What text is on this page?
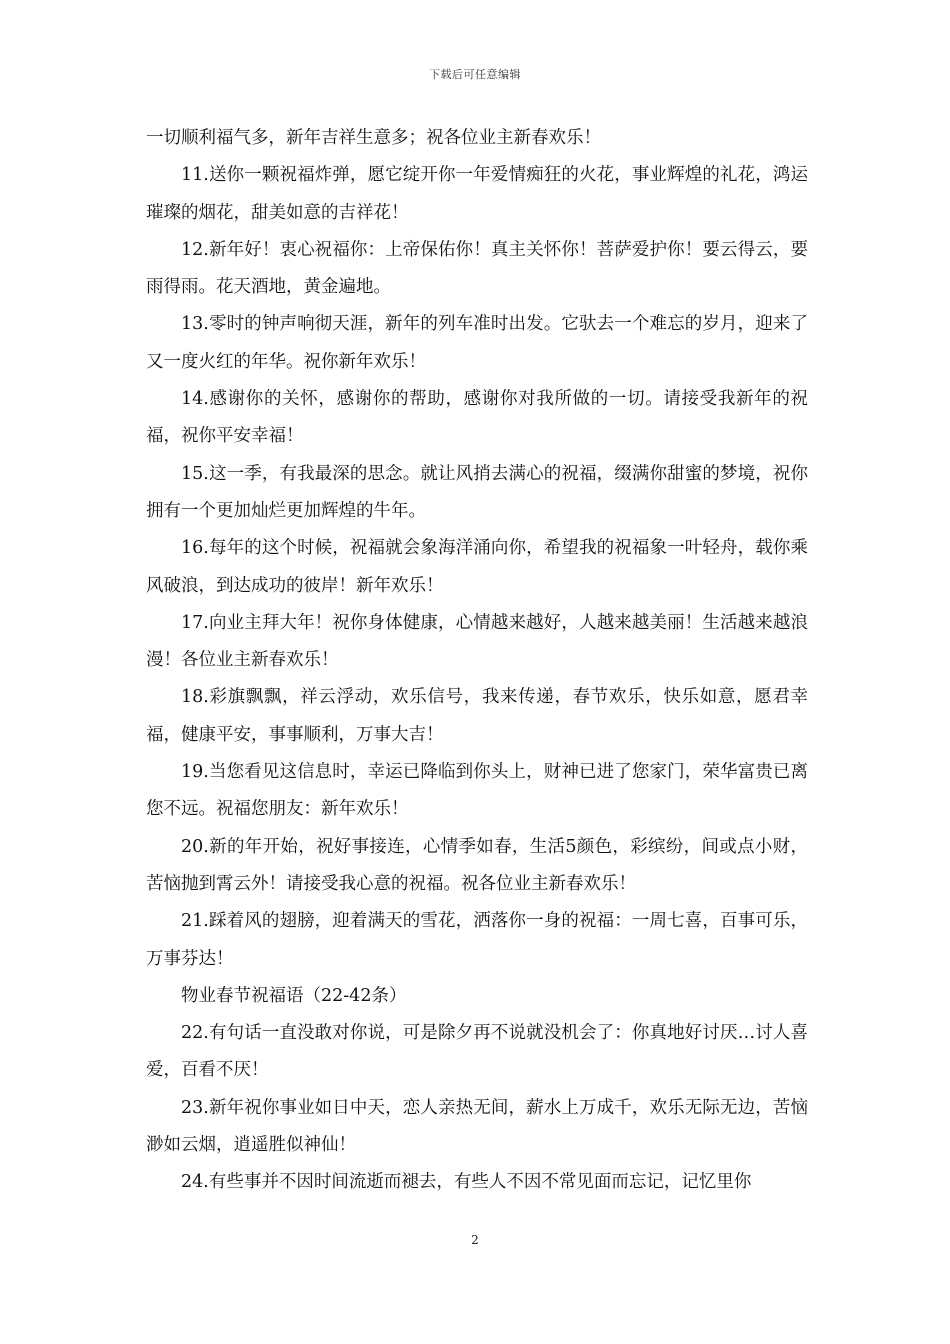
下载后可任意编辑

一切顺利福气多，新年吉祥生意多；祝各位业主新春欢乐！

11.送你一颗祝福炸弹，愿它绽开你一年爱情痴狂的火花，事业辉煌的礼花，鸿运璀璨的烟花，甜美如意的吉祥花！

12.新年好！衷心祝福你：上帝保佑你！真主关怀你！菩萨爱护你！要云得云，要雨得雨。花天酒地，黄金遍地。

13.零时的钟声响彻天涯，新年的列车准时出发。它驮去一个难忘的岁月，迎来了又一度火红的年华。祝你新年欢乐！

14.感谢你的关怀，感谢你的帮助，感谢你对我所做的一切。请接受我新年的祝福，祝你平安幸福！

15.这一季，有我最深的思念。就让风捎去满心的祝福，缀满你甜蜜的梦境，祝你拥有一个更加灿烂更加辉煌的牛年。

16.每年的这个时候，祝福就会象海洋涌向你，希望我的祝福象一叶轻舟，载你乘风破浪，到达成功的彼岸！新年欢乐！

17.向业主拜大年！祝你身体健康，心情越来越好，人越来越美丽！生活越来越浪漫！各位业主新春欢乐！

18.彩旗飘飘，祥云浮动，欢乐信号，我来传递，春节欢乐，快乐如意，愿君幸福，健康平安，事事顺利，万事大吉！

19.当您看见这信息时，幸运已降临到你头上，财神已进了您家门，荣华富贵已离您不远。祝福您朋友：新年欢乐！

20.新的年开始，祝好事接连，心情季如春，生活5颜色，彩缤纷，间或点小财，苦恼抛到霄云外！请接受我心意的祝福。祝各位业主新春欢乐！

21.踩着风的翅膀，迎着满天的雪花，洒落你一身的祝福：一周七喜，百事可乐，万事芬达！

物业春节祝福语（22-42条）

22.有句话一直没敢对你说，可是除夕再不说就没机会了：你真地好讨厌…讨人喜爱，百看不厌！

23.新年祝你事业如日中天，恋人亲热无间，薪水上万成千，欢乐无际无边，苦恼渺如云烟，逍遥胜似神仙！

24.有些事并不因时间流逝而褪去，有些人不因不常见面而忘记，记忆里你

2
